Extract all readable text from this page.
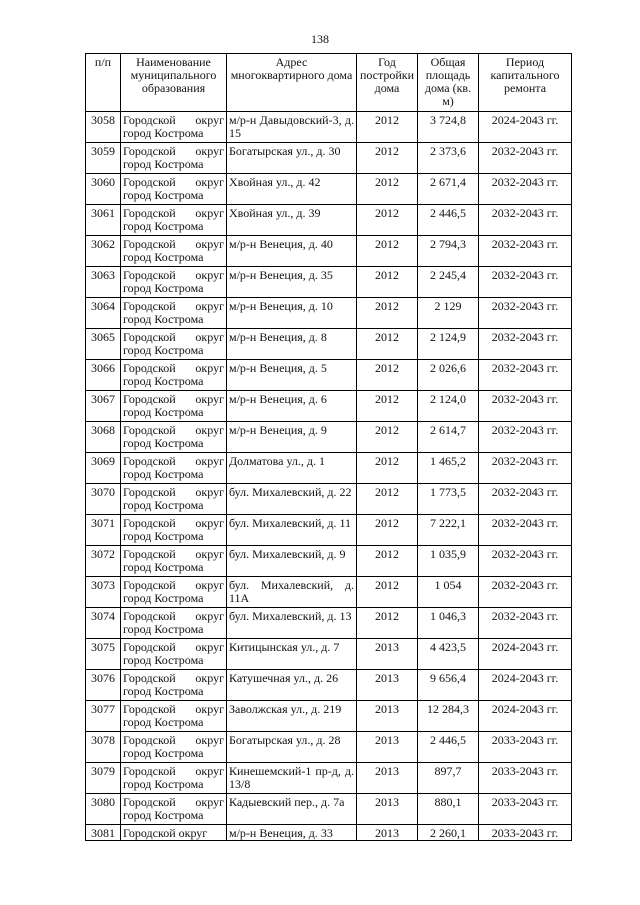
138
п/п	Наименование муниципального образования	Адрес многоквартирного дома	Год постройки дома	Общая площадь дома (кв. м)	Период капитального ремонта
3058	Городской округ город Кострома	м/р-н Давыдовский-3, д. 15	2012	3 724,8	2024-2043 гг.
3059	Городской округ город Кострома	Богатырская ул., д. 30	2012	2 373,6	2032-2043 гг.
3060	Городской округ город Кострома	Хвойная ул., д. 42	2012	2 671,4	2032-2043 гг.
3061	Городской округ город Кострома	Хвойная ул., д. 39	2012	2 446,5	2032-2043 гг.
3062	Городской округ город Кострома	м/р-н Венеция, д. 40	2012	2 794,3	2032-2043 гг.
3063	Городской округ город Кострома	м/р-н Венеция, д. 35	2012	2 245,4	2032-2043 гг.
3064	Городской округ город Кострома	м/р-н Венеция, д. 10	2012	2 129	2032-2043 гг.
3065	Городской округ город Кострома	м/р-н Венеция, д. 8	2012	2 124,9	2032-2043 гг.
3066	Городской округ город Кострома	м/р-н Венеция, д. 5	2012	2 026,6	2032-2043 гг.
3067	Городской округ город Кострома	м/р-н Венеция, д. 6	2012	2 124,0	2032-2043 гг.
3068	Городской округ город Кострома	м/р-н Венеция, д. 9	2012	2 614,7	2032-2043 гг.
3069	Городской округ город Кострома	Долматова ул., д. 1	2012	1 465,2	2032-2043 гг.
3070	Городской округ город Кострома	бул. Михалевский, д. 22	2012	1 773,5	2032-2043 гг.
3071	Городской округ город Кострома	бул. Михалевский, д. 11	2012	7 222,1	2032-2043 гг.
3072	Городской округ город Кострома	бул. Михалевский, д. 9	2012	1 035,9	2032-2043 гг.
3073	Городской округ город Кострома	бул. Михалевский, д. 11А	2012	1 054	2032-2043 гг.
3074	Городской округ город Кострома	бул. Михалевский, д. 13	2012	1 046,3	2032-2043 гг.
3075	Городской округ город Кострома	Китицынская ул., д. 7	2013	4 423,5	2024-2043 гг.
3076	Городской округ город Кострома	Катушечная ул., д. 26	2013	9 656,4	2024-2043 гг.
3077	Городской округ город Кострома	Заволжская ул., д. 219	2013	12 284,3	2024-2043 гг.
3078	Городской округ город Кострома	Богатырская ул., д. 28	2013	2 446,5	2033-2043 гг.
3079	Городской округ город Кострома	Кинешемский-1 пр-д, д. 13/8	2013	897,7	2033-2043 гг.
3080	Городской округ город Кострома	Кадыевский пер., д. 7а	2013	880,1	2033-2043 гг.
3081	Городской округ	м/р-н Венеция, д. 33	2013	2 260,1	2033-2043 гг.
